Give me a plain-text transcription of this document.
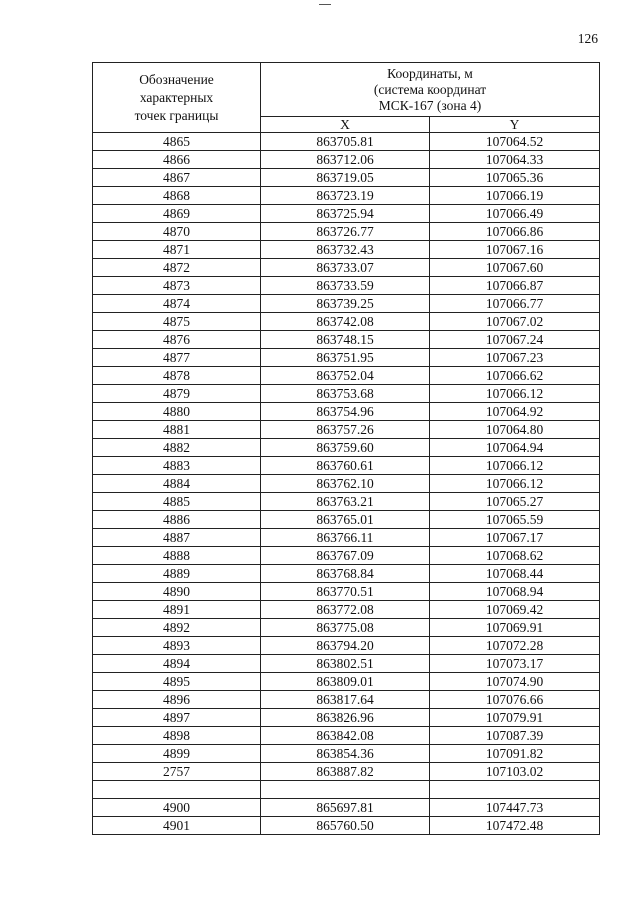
126
Обозначение
характерных
точек границы	Координаты, м
(система координат
МСК-167 (зона 4)	

	X	Y
4865	863705.81	107064.52
4866	863712.06	107064.33
4867	863719.05	107065.36
4868	863723.19	107066.19
4869	863725.94	107066.49
4870	863726.77	107066.86
4871	863732.43	107067.16
4872	863733.07	107067.60
4873	863733.59	107066.87
4874	863739.25	107066.77
4875	863742.08	107067.02
4876	863748.15	107067.24
4877	863751.95	107067.23
4878	863752.04	107066.62
4879	863753.68	107066.12
4880	863754.96	107064.92
4881	863757.26	107064.80
4882	863759.60	107064.94
4883	863760.61	107066.12
4884	863762.10	107066.12
4885	863763.21	107065.27
4886	863765.01	107065.59
4887	863766.11	107067.17
4888	863767.09	107068.62
4889	863768.84	107068.44
4890	863770.51	107068.94
4891	863772.08	107069.42
4892	863775.08	107069.91
4893	863794.20	107072.28
4894	863802.51	107073.17
4895	863809.01	107074.90
4896	863817.64	107076.66
4897	863826.96	107079.91
4898	863842.08	107087.39
4899	863854.36	107091.82
2757	863887.82	107103.02

4900	865697.81	107447.73
4901	865760.50	107472.48
